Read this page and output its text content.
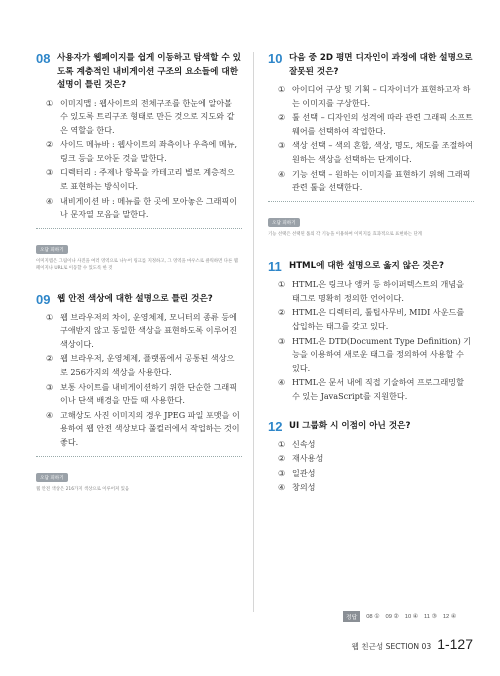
08 사용자가 웹페이지를 쉽게 이동하고 탐색할 수 있도록 계층적인 내비게이션 구조의 요소들에 대한 설명이 틀린 것은?
① 이미지맵 : 웹사이트의 전체구조를 한눈에 알아볼 수 있도록 트리구조 형태로 만든 것으로 지도와 같은 역할을 한다.
② 사이드 메뉴바 : 웹사이트의 좌측이나 우측에 메뉴, 링크 등을 모아둔 것을 말한다.
③ 디렉터리 : 주제나 항목을 카테고리 별로 계층적으로 표현하는 방식이다.
④ 내비게이션 바 : 메뉴를 한 곳에 모아놓은 그래픽이나 문자열 모음을 말한다.
오답 피하기
이미지맵은 그림이나 사진을 여러 영역으로 나누어 링크를 지정하고, 그 영역을 마우스로 클릭하면 다른 웹페이지나 URL로 이동할 수 있도록 한 것
09 웹 안전 색상에 대한 설명으로 틀린 것은?
① 웹 브라우저의 차이, 운영체제, 모니터의 종류 등에 구애받지 않고 동일한 색상을 표현하도록 이루어진 색상이다.
② 웹 브라우저, 운영체제, 플랫폼에서 공통된 색상으로 256가지의 색상을 사용한다.
③ 보통 사이트를 내비게이션하기 위한 단순한 그래픽이나 단색 배경을 만들 때 사용한다.
④ 고해상도 사진 이미지의 경우 JPEG 파일 포맷을 이용하여 웹 안전 색상보다 풀컬러에서 작업하는 것이 좋다.
오답 피하기
웹 안전 색상은 216가지 색상으로 이루어져 있음
10 다음 중 2D 평면 디자인이 과정에 대한 설명으로 잘못된 것은?
① 아이디어 구상 및 기획 – 디자이너가 표현하고자 하는 이미지를 구상한다.
② 툴 선택 – 디자인의 성격에 따라 관련 그래픽 소프트웨어를 선택하여 작업한다.
③ 색상 선택 – 색의 혼합, 색상, 명도, 채도를 조절하여 원하는 색상을 선택하는 단계이다.
④ 기능 선택 – 원하는 이미지를 표현하기 위해 그래픽 관련 툴을 선택한다.
오답 피하기
기능 선택은 선택된 툴의 각 기능을 이용하여 이미지를 효과적으로 표현하는 단계
11 HTML에 대한 설명으로 옳지 않은 것은?
① HTML은 링크나 앵커 등 하이퍼텍스트의 개념을 태그로 명확히 정의한 언어이다.
② HTML은 디렉터리, 툴팁사무비, MIDI 사운드를 삽입하는 태그를 갖고 있다.
③ HTML은 DTD(Document Type Definition) 기능을 이용하여 새로운 태그를 정의하여 사용할 수 있다.
④ HTML은 문서 내에 직접 기술하여 프로그래밍할 수 있는 JavaScript를 지원한다.
12 UI 그룹화 시 이점이 아닌 것은?
① 신속성
② 재사용성
③ 일관성
④ 창의성
정답	08 ① 09 ② 10 ④ 11 ③ 12 ④
웹 친근성 SECTION 03 1-127
